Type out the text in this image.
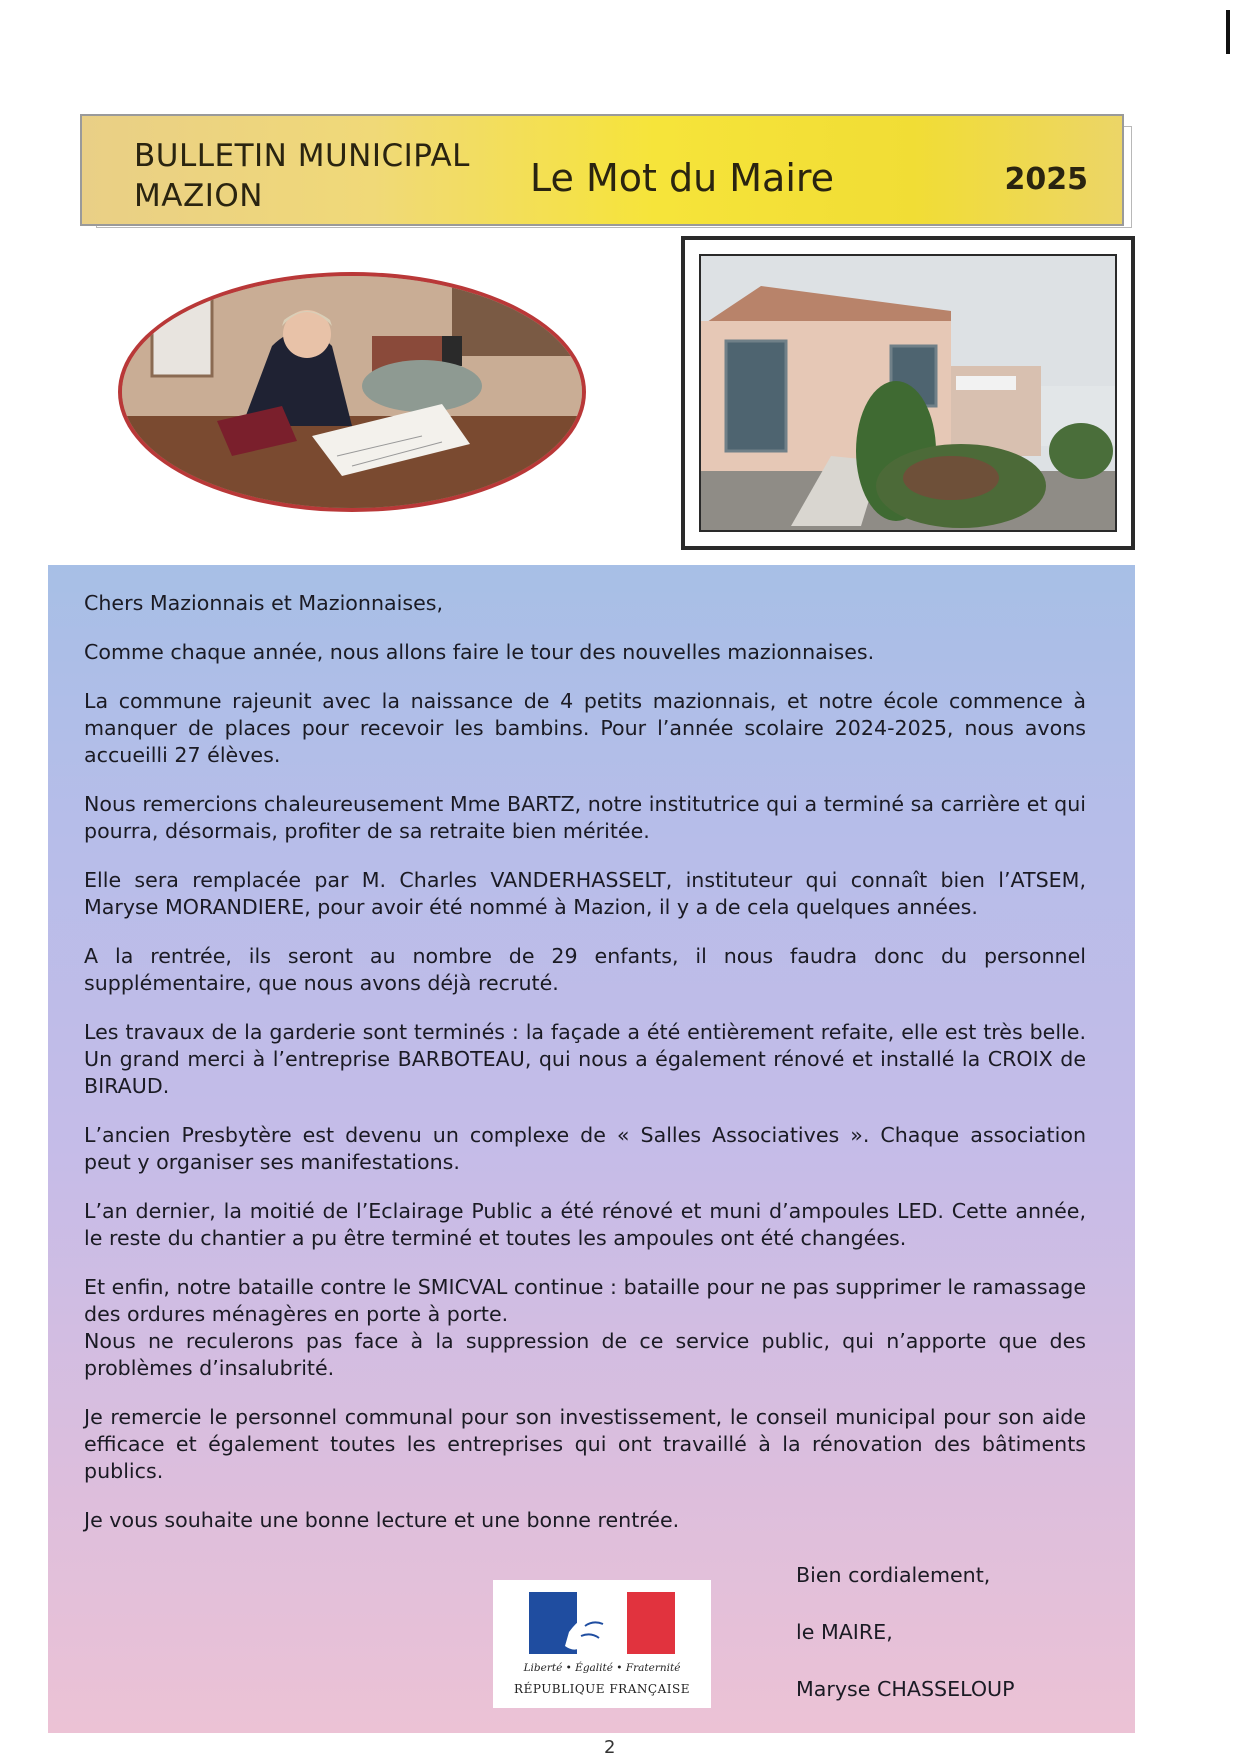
BULLETIN MUNICIPAL
MAZION	Le Mot du Maire	2025

Chers Mazionnais et Mazionnaises,

Comme chaque année, nous allons faire le tour des nouvelles mazionnaises.

La commune rajeunit avec la naissance de 4 petits mazionnais, et notre école commence à manquer de places pour recevoir les bambins. Pour l’année scolaire 2024-2025, nous avons accueilli 27 élèves.

Nous remercions chaleureusement Mme BARTZ, notre institutrice qui a terminé sa carrière et qui pourra, désormais, profiter de sa retraite bien méritée.

Elle sera remplacée par M. Charles VANDERHASSELT, instituteur qui connaît bien l’ATSEM, Maryse MORANDIERE, pour avoir été nommé à Mazion, il y a de cela quelques années.

A la rentrée, ils seront au nombre de 29 enfants, il nous faudra donc du personnel supplémentaire, que nous avons déjà recruté.

Les travaux de la garderie sont terminés : la façade a été entièrement refaite, elle est très belle. Un grand merci à l’entreprise BARBOTEAU, qui nous a également rénové et installé la CROIX de BIRAUD.

L’ancien Presbytère est devenu un complexe de « Salles Associatives ». Chaque association peut y organiser ses manifestations.

L’an dernier, la moitié de l’Eclairage Public a été rénové et muni d’ampoules LED. Cette année, le reste du chantier a pu être terminé et toutes les ampoules ont été changées.

Et enfin, notre bataille contre le SMICVAL continue : bataille pour ne pas supprimer le ramassage des ordures ménagères en porte à porte.

Nous ne reculerons pas face à la suppression de ce service public, qui n’apporte que des problèmes d’insalubrité.

Je remercie le personnel communal pour son investissement, le conseil municipal pour son aide efficace et également toutes les entreprises qui ont travaillé à la rénovation des bâtiments publics.

Je vous souhaite une bonne lecture et une bonne rentrée.

Liberté • Égalité • Fraternité
RÉPUBLIQUE FRANÇAISE
Bien cordialement,
le MAIRE,
Maryse CHASSELOUP
2
